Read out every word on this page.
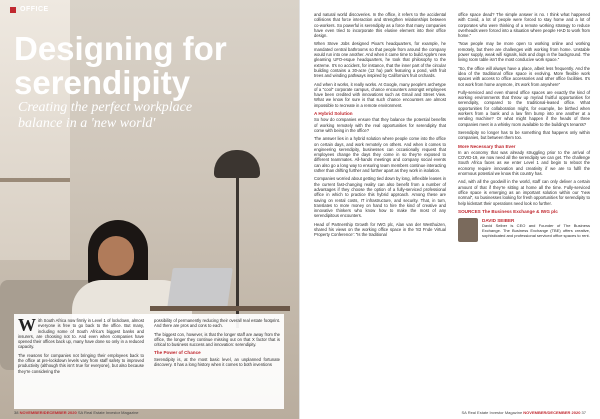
OFFICE
Designing for serendipity
Creating the perfect workplace balance in a 'new world'

With South Africa now firmly in Level 1 of lockdown, almost everyone is free to go back to the office. But many, including some of South Africa's biggest banks and insurers, are choosing not to. And even when companies have opened their offices back up, many have done so only in a reduced capacity.

The reasons for companies not bringing their employees back to the office at pre-lockdown levels vary from staff safety to improved productivity (although this isn't true for everyone), but also because they're considering the

possibility of permanently reducing their overall real estate footprint. And there are pros and cons to each.

The biggest con, however, is that the longer staff are away from the office, the longer they continue missing out on that X factor that is critical to business success and innovation: serendipity.

The Power of Chance

Serendipity is, at the most basic level, an unplanned fortunate discovery. It has a long history when it comes to both inventions

38 NOVEMBER/DECEMBER 2020 SA Real Estate Investor Magazine

and natural world discoveries. In the office, it refers to the accidental collisions that force interaction and strengthen relationships between co-workers. So powerful is serendipity as a force that many companies have even tried to incorporate this elusive element into their office design.

When Steve Jobs designed Pixar's headquarters, for example, he mandated central bathrooms so that people from around the company would run into one another. And when it came time to build Apple's new gleaming UFO-esque headquarters, he took that philosophy to the extreme. It's no accident, for instance, that the inner part of the circular building contains a 30-acre (12 ha) park featuring a pond, with fruit trees and winding pathways inspired by California's fruit orchards.

And when it works, it really works. At Google, many people's archetype of a "cool" corporate campus, chance encounters amongst employees have been credited with innovations such as Gmail and Street View. What we know for sure is that such chance encounters are almost impossible to recreate in a remote environment.

A Hybrid Solution

So how do companies ensure that they balance the potential benefits of working remotely with the real opportunities for serendipity that come with being in the office?

The answer lies in a hybrid solution where people come into the office on certain days, and work remotely on others. And when it comes to engineering serendipity, businesses can occasionally request that employees change the days they come in so they're exposed to different teammates. All-hands meetings and company social events can also go a long way to ensuring team members continue interacting rather than drifting further and further apart as they work in isolation.

Companies worried about getting tied down by long, inflexible leases in the current fast-changing reality can also benefit from a number of advantages if they choose the option of a fully-serviced professional office in which to practice this hybrid approach. Among these are saving on rental costs, IT infrastructure, and security. That, in turn, translates to more money on hand to hire the kind of creative and innovative thinkers who know how to make the most of any serendipitous encounters.

Head of Partnership Growth for IWG plc, Alan van der Westhuizen, shared his views on the working office space in the '83 Fnde Virtual Property Conference': "Is the traditional

office space dead? The simple answer is no. I think what happened with Covid, a lot of people were forced to stay home and a lot of corporates who were thinking of a remote working strategy to reduce overheads were forced into a situation where people HAD to work from home."

"Now people may be more open to working online and working remotely, but there are challenges with working from home. Unstable power supply, weak wifi signals, kids and dogs in the background. The living room table isn't the most conducive work space."

"So, the office will always have a place, albeit less frequently. And the idea of the traditional office space is evolving. More flexible work spaces with access to office accessories and other office facilities. It's not work from home anymore, it's work from anywhere"

Fully-serviced and even shared office spaces are exactly the kind of working environments that throw up myriad fruitful opportunities for serendipity, compared to the traditional-leased office. What opportunities for collaboration might, for example, be birthed when workers from a bank and a law firm bump into one another at a vending machine? Or what might happen if the heads of three companies meet in a whisky room available to the building's tenants?

Serendipity no longer has to be something that happens only within companies, but between them too.

More Necessary than Ever

In an economy that was already struggling prior to the arrival of COVID-19, we now need all the serendipity we can get. The challenge South Africa faces as we enter Level 1 and begin to reboot the economy require innovation and creativity if we are to fulfil the enormous potential we know this country has.

And, with all the goodwill in the world, staff can only deliver a certain amount of that if they're sitting at home all the time. Fully-serviced office space is emerging as an important solution within our "new normal", so businesses looking for fresh opportunities for serendipity to help kickstart their operations need look no further.

SOURCES The Business Exchange & IWG plc

DAVID SEIBER
David Seiber is CEO and Founder of The Business Exchange. The Business Exchange (TBE) offers creative, sophisticated and professional serviced office spaces to rent.
SA Real Estate Investor Magazine NOVEMBER/DECEMBER 2020 37
